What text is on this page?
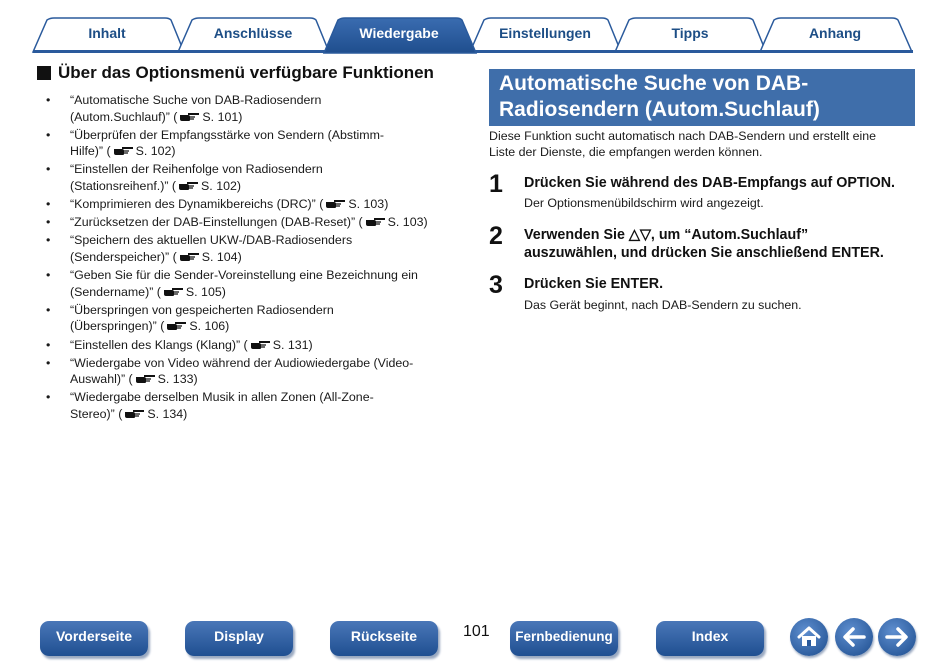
Inhalt	Anschlüsse	Wiedergabe	Einstellungen	Tipps	Anhang
Über das Optionsmenü verfügbare Funktionen
• “Automatische Suche von DAB-Radiosendern
(Autom.Suchlauf)” ( S. 101)
• “Überprüfen der Empfangsstärke von Sendern (Abstimm-
Hilfe)” ( S. 102)
• “Einstellen der Reihenfolge von Radiosendern
(Stationsreihenf.)” ( S. 102)
• “Komprimieren des Dynamikbereichs (DRC)” ( S. 103)
• “Zurücksetzen der DAB-Einstellungen (DAB-Reset)” ( S. 103)
• “Speichern des aktuellen UKW-/DAB-Radiosenders
(Senderspeicher)” ( S. 104)
• “Geben Sie für die Sender-Voreinstellung eine Bezeichnung ein
(Sendername)” ( S. 105)
• “Überspringen von gespeicherten Radiosendern
(Überspringen)” ( S. 106)
• “Einstellen des Klangs (Klang)” ( S. 131)
• “Wiedergabe von Video während der Audiowiedergabe (Video-
Auswahl)” ( S. 133)
• “Wiedergabe derselben Musik in allen Zonen (All-Zone-
Stereo)” ( S. 134)
Automatische Suche von DAB-
Radiosendern (Autom.Suchlauf)
Diese Funktion sucht automatisch nach DAB-Sendern und erstellt eine
Liste der Dienste, die empfangen werden können.
1 Drücken Sie während des DAB-Empfangs auf OPTION.
Der Optionsmenübildschirm wird angezeigt.
2 Verwenden Sie △▽, um “Autom.Suchlauf”
auszuwählen, und drücken Sie anschließend ENTER.
3 Drücken Sie ENTER.
Das Gerät beginnt, nach DAB-Sendern zu suchen.
Vorderseite	Display	Rückseite	101	Fernbedienung	Index
